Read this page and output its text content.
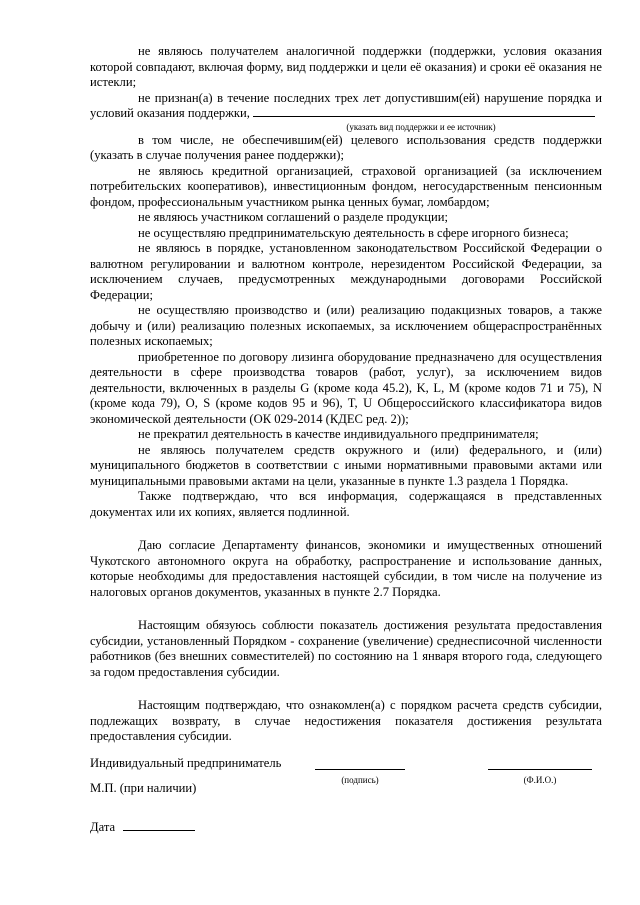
не являюсь получателем аналогичной поддержки (поддержки, условия оказания которой совпадают, включая форму, вид поддержки и цели её оказания) и сроки её оказания не истекли;

не признан(а) в течение последних трех лет допустившим(ей) нарушение порядка и условий оказания поддержки,

(указать вид поддержки и ее источник)

в том числе, не обеспечившим(ей) целевого использования средств поддержки (указать в случае получения ранее поддержки);

не являюсь кредитной организацией, страховой организацией (за исключением потребительских кооперативов), инвестиционным фондом, негосударственным пенсионным фондом, профессиональным участником рынка ценных бумаг, ломбардом;

не являюсь участником соглашений о разделе продукции;

не осуществляю предпринимательскую деятельность в сфере игорного бизнеса;

не являюсь в порядке, установленном законодательством Российской Федерации о валютном регулировании и валютном контроле, нерезидентом Российской Федерации, за исключением случаев, предусмотренных международными договорами Российской Федерации;

не осуществляю производство и (или) реализацию подакцизных товаров, а также добычу и (или) реализацию полезных ископаемых, за исключением общераспространённых полезных ископаемых;

приобретенное по договору лизинга оборудование предназначено для осуществления деятельности в сфере производства товаров (работ, услуг), за исключением видов деятельности, включенных в разделы G (кроме кода 45.2), K, L, M (кроме кодов 71 и 75), N (кроме кода 79), O, S (кроме кодов 95 и 96), T, U Общероссийского классификатора видов экономической деятельности (ОК 029-2014 (КДЕС ред. 2));

не прекратил деятельность в качестве индивидуального предпринимателя;

не являюсь получателем средств окружного и (или) федерального, и (или) муниципального бюджетов в соответствии с иными нормативными правовыми актами или муниципальными правовыми актами на цели, указанные в пункте 1.3 раздела 1 Порядка.

Также подтверждаю, что вся информация, содержащаяся в представленных документах или их копиях, является подлинной.

Даю согласие Департаменту финансов, экономики и имущественных отношений Чукотского автономного округа на обработку, распространение и использование данных, которые необходимы для предоставления настоящей субсидии, в том числе на получение из налоговых органов документов, указанных в пункте 2.7 Порядка.

Настоящим обязуюсь соблюсти показатель достижения результата предоставления субсидии, установленный Порядком - сохранение (увеличение) среднесписочной численности работников (без внешних совместителей) по состоянию на 1 января второго года, следующего за годом предоставления субсидии.

Настоящим подтверждаю, что ознакомлен(а) с порядком расчета средств субсидии, подлежащих возврату, в случае недостижения показателя достижения результата предоставления субсидии.

Индивидуальный предприниматель
(подпись)	(Ф.И.О.)
М.П. (при наличии)
Дата
